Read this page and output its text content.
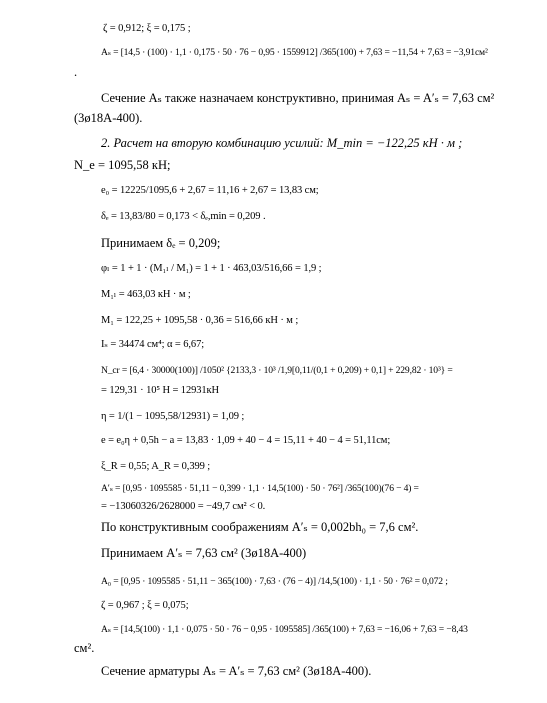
ζ = 0,912; ξ = 0,175 ;
Aₛ = [14,5 · (100) · 1,1 · 0,175 · 50 · 76 − 0,95 · 1559912] /365(100) + 7,63 = −11,54 + 7,63 = −3,91см²
.
Сечение Aₛ также назначаем конструктивно, принимая Aₛ = A′ₛ = 7,63 см²
(3ø18A-400).
2. Расчет на вторую комбинацию усилий: M_min = −122,25 кН · м ;
N_e = 1095,58 кН;
e₀ = 12225/1095,6 + 2,67 = 11,16 + 2,67 = 13,83 см;
δₑ = 13,83/80 = 0,173 < δₑ,min = 0,209 .
Принимаем δₑ = 0,209;
φₗ = 1 + 1 · (M₁ₗ / M₁) = 1 + 1 · 463,03/516,66 = 1,9 ;
M₁ₗ = 463,03 кН · м ;
M₁ = 122,25 + 1095,58 · 0,36 = 516,66 кН · м ;
Iₛ = 34474 см⁴; α = 6,67;
N_cr = [6,4 · 30000(100)] /1050² {2133,3 · 10³ /1,9[0,11/(0,1 + 0,209) + 0,1] + 229,82 · 10³} =
= 129,31 · 10⁵ Н = 12931кН
η = 1/(1 − 1095,58/12931) = 1,09 ;
e = e₀η + 0,5h − a = 13,83 · 1,09 + 40 − 4 = 15,11 + 40 − 4 = 51,11см;
ξ_R = 0,55; A_R = 0,399 ;
A′ₛ = [0,95 · 1095585 · 51,11 − 0,399 · 1,1 · 14,5(100) · 50 · 76²] /365(100)(76 − 4) =
= −13060326/2628000 = −49,7 см² < 0.
По конструктивным соображениям A′ₛ = 0,002bh₀ = 7,6 см².
Принимаем A′ₛ = 7,63 см² (3ø18A-400)
A₀ = [0,95 · 1095585 · 51,11 − 365(100) · 7,63 · (76 − 4)] /14,5(100) · 1,1 · 50 · 76² = 0,072 ;
ζ = 0,967 ; ξ = 0,075;
Aₛ = [14,5(100) · 1,1 · 0,075 · 50 · 76 − 0,95 · 1095585] /365(100) + 7,63 = −16,06 + 7,63 = −8,43
см².
Сечение арматуры Aₛ = A′ₛ = 7,63 см² (3ø18A-400).
